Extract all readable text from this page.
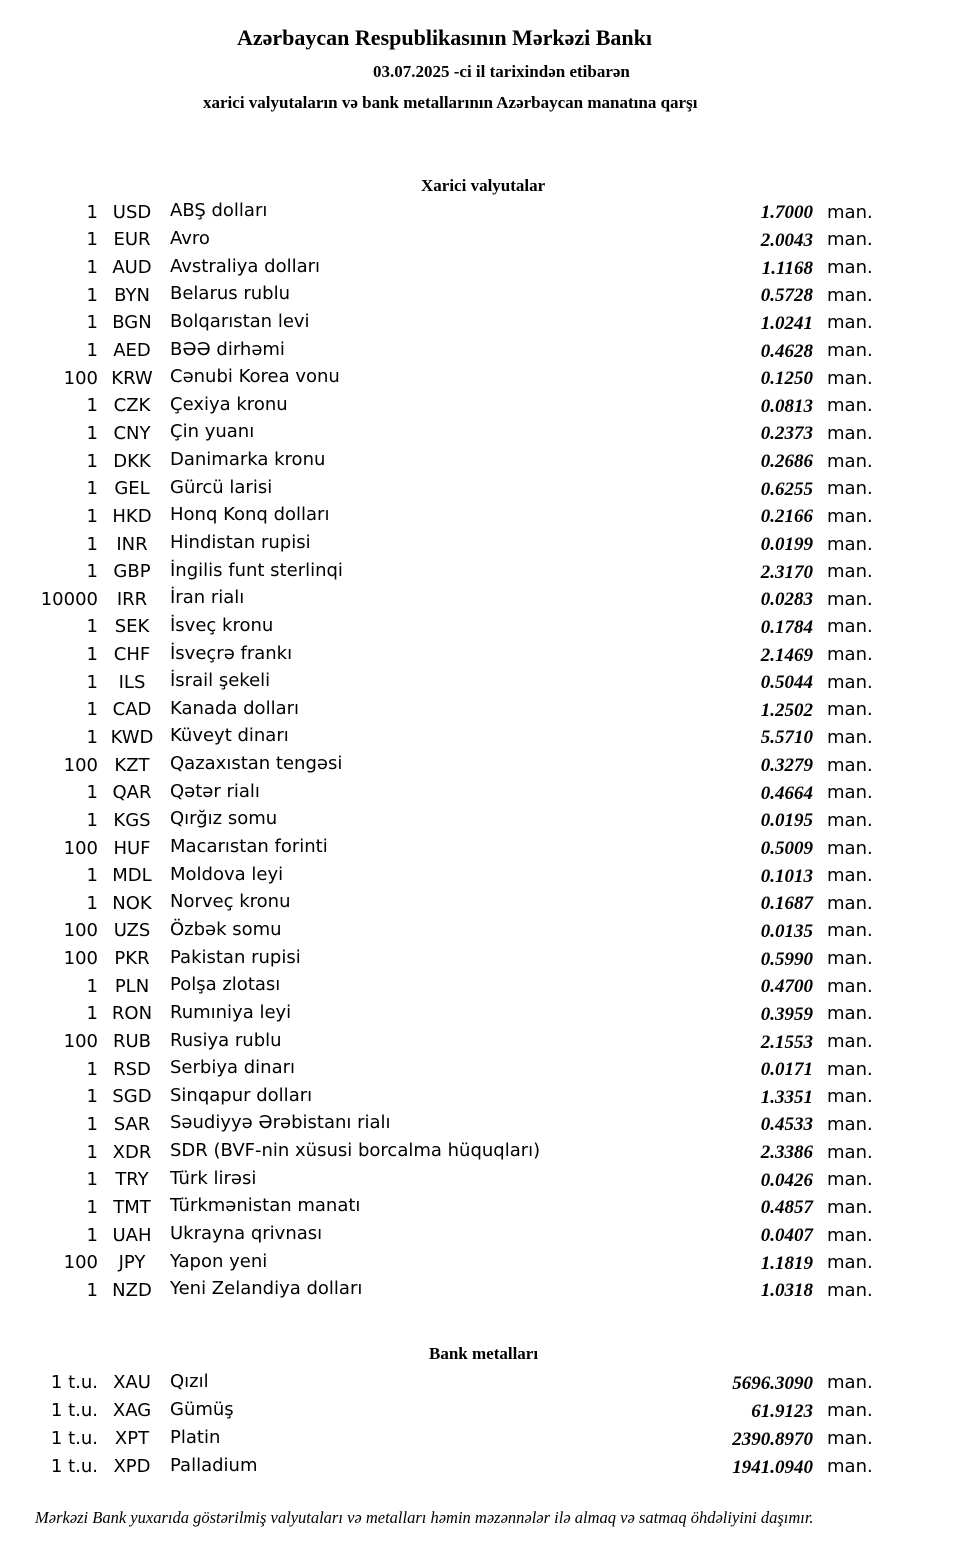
Azərbaycan Respublikasının Mərkəzi Bankı
03.07.2025 -ci il tarixindən etibarən
xarici valyutaların və bank metallarının Azərbaycan manatına qarşı
Xarici valyutalar
1 USD	ABŞ dolları	1.7000 man.
1 EUR	Avro	2.0043 man.
1 AUD	Avstraliya dolları	1.1168 man.
1 BYN	Belarus rublu	0.5728 man.
1 BGN	Bolqarıstan levi	1.0241 man.
1 AED	BƏƏ dirhəmi	0.4628 man.
100 KRW Cənubi Korea vonu	0.1250 man.
1 CZK	Çexiya kronu	0.0813 man.
1 CNY	Çin yuanı	0.2373 man.
1 DKK	Danimarka kronu	0.2686 man.
1 GEL	Gürcü larisi	0.6255 man.
1 HKD	Honq Konq dolları	0.2166 man.
1	INR	Hindistan rupisi	0.0199 man.
1 GBP	İngilis funt sterlinqi	2.3170 man.
10000	IRR	İran rialı	0.0283 man.
1 SEK	İsveç kronu	0.1784 man.
1 CHF	İsveçrə frankı	2.1469 man.
1	ILS	İsrail şekeli	0.5044 man.
1 CAD	Kanada dolları	1.2502 man.
1 KWD Küveyt dinarı	5.5710 man.
100 KZT	Qazaxıstan tengəsi	0.3279 man.
1 QAR	Qətər rialı	0.4664 man.
1 KGS	Qırğız somu	0.0195 man.
100 HUF	Macarıstan forinti	0.5009 man.
1 MDL	Moldova leyi	0.1013 man.
1 NOK	Norveç kronu	0.1687 man.
100 UZS	Özbək somu	0.0135 man.
100 PKR	Pakistan rupisi	0.5990 man.
1 PLN	Polşa zlotası	0.4700 man.
1 RON Rumıniya leyi	0.3959 man.
100 RUB	Rusiya rublu	2.1553 man.
1 RSD	Serbiya dinarı	0.0171 man.
1 SGD	Sinqapur dolları	1.3351 man.
1 SAR	Səudiyyə Ərəbistanı rialı	0.4533 man.
1 XDR	SDR (BVF-nin xüsusi borcalma hüquqları)	2.3386 man.
1 TRY	Türk lirəsi	0.0426 man.
1 TMT	Türkmənistan manatı	0.4857 man.
1 UAH	Ukrayna qrivnası	0.0407 man.
100	JPY	Yapon yeni	1.1819 man.
1 NZD	Yeni Zelandiya dolları	1.0318 man.
Bank metalları
1 t.u. XAU	Qızıl	5696.3090 man.
1 t.u. XAG	Gümüş	61.9123 man.
1 t.u. XPT	Platin	2390.8970 man.
1 t.u. XPD	Palladium	1941.0940 man.
Mərkəzi Bank yuxarıda göstərilmiş valyutaları və metalları həmin məzənnələr ilə almaq və satmaq öhdəliyini daşımır.
